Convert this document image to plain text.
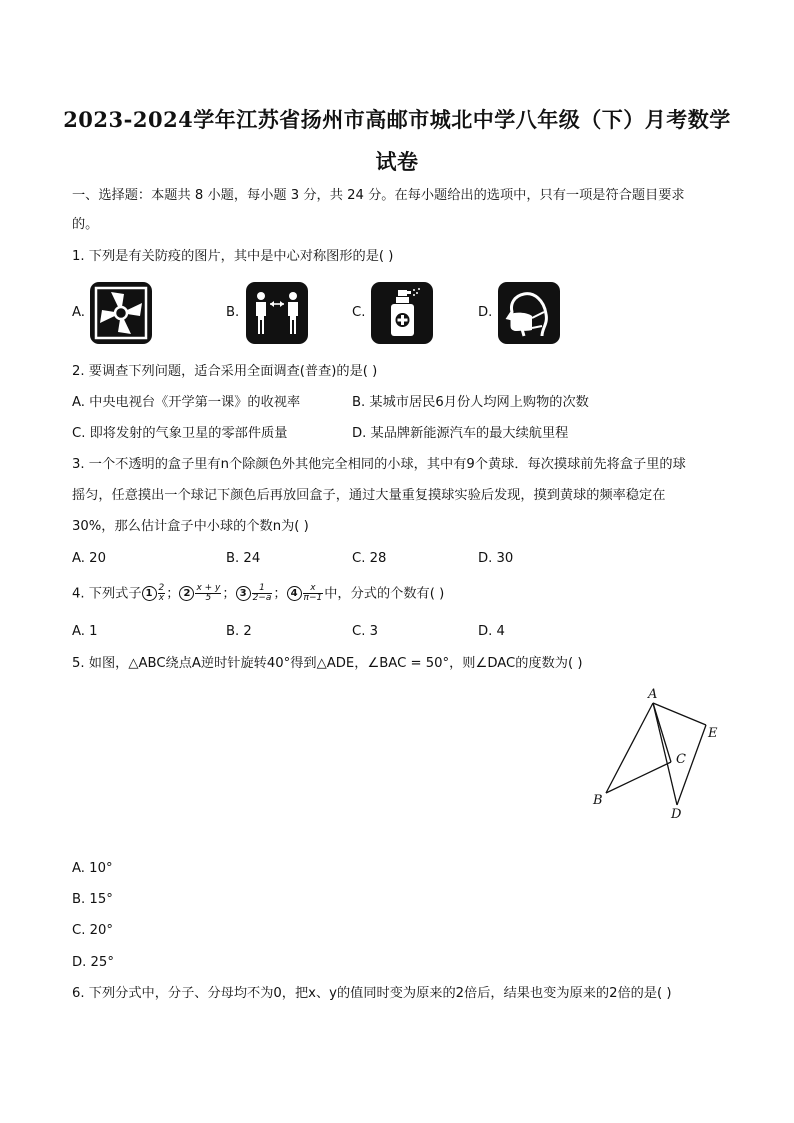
2023-2024学年江苏省扬州市高邮市城北中学八年级（下）月考数学
试卷
一、选择题：本题共 8 小题，每小题 3 分，共 24 分。在每小题给出的选项中，只有一项是符合题目要求
的。
1. 下列是有关防疫的图片，其中是中心对称图形的是( )
A.	B.	C.	D.
2. 要调查下列问题，适合采用全面调查(普查)的是( )
A. 中央电视台《开学第一课》的收视率	B. 某城市居民6月份人均网上购物的次数
C. 即将发射的气象卫星的零部件质量	D. 某品牌新能源汽车的最大续航里程
3. 一个不透明的盒子里有n个除颜色外其他完全相同的小球，其中有9个黄球．每次摸球前先将盒子里的球
摇匀，任意摸出一个球记下颜色后再放回盒子，通过大量重复摸球实验后发现，摸到黄球的频率稳定在
30%，那么估计盒子中小球的个数n为( )
A. 20	B. 24	C. 28	D. 30
4. 下列式子 $1 \frac{2}{x}$ ； $2 \frac{x + y}{5}$ ； $3 \frac{1}{2-a}$ ； $4 \frac{x}{\pi-1}$ 中，分式的个数有( )
A. 1	B. 2	C. 3	D. 4
5. 如图，△ABC绕点A逆时针旋转40°得到△ADE，∠BAC = 50°，则∠DAC的度数为( )
A
B
C
D
E
A. 10°
B. 15°
C. 20°
D. 25°
6. 下列分式中，分子、分母均不为0，把x、y的值同时变为原来的2倍后，结果也变为原来的2倍的是( )
